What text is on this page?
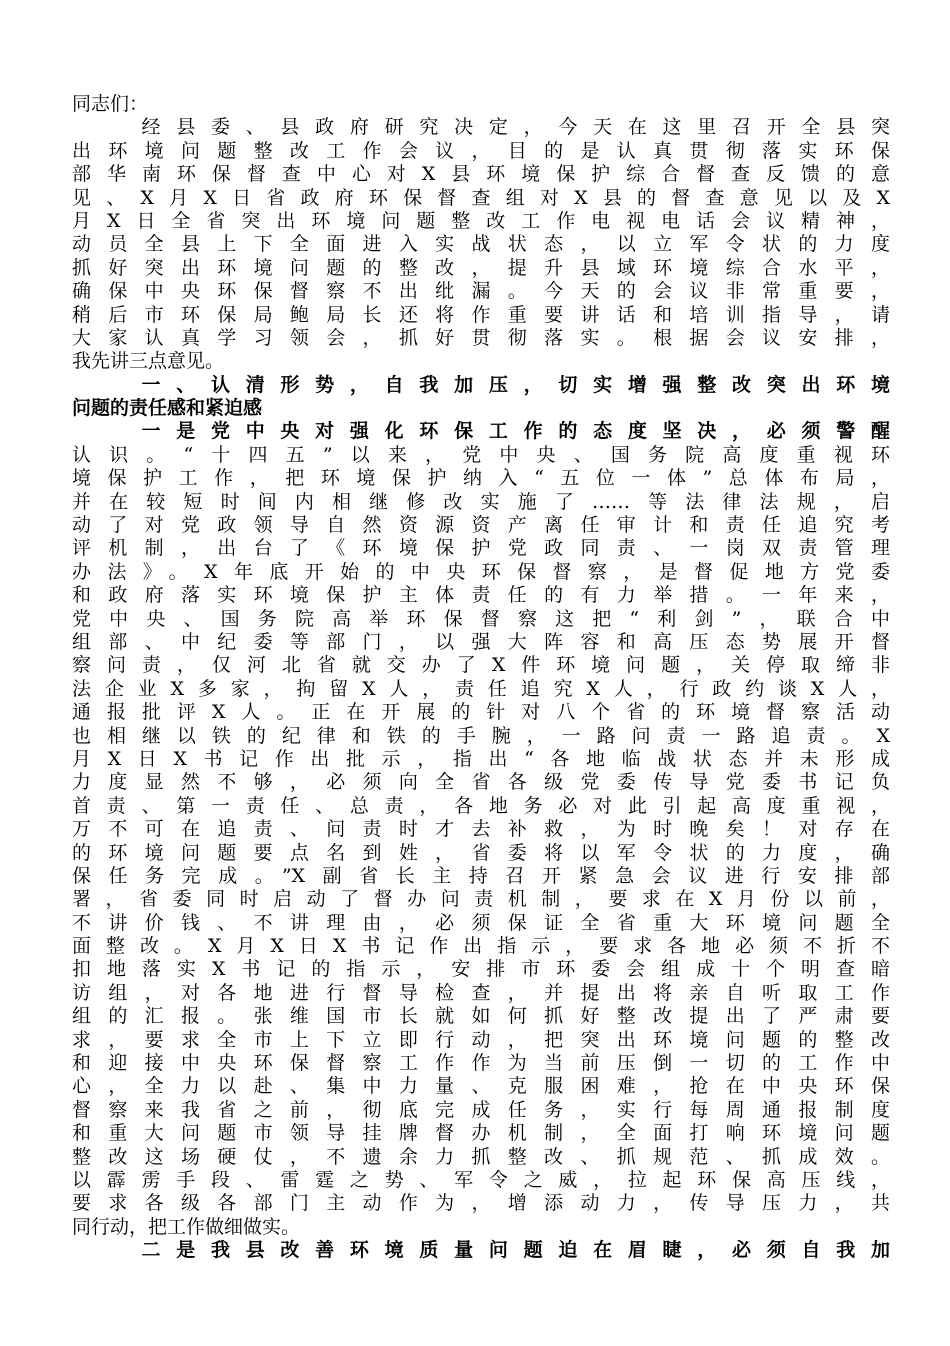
同志们：
　　经县委、县政府研究决定，今天在这里召开全县突
出环境问题整改工作会议，目的是认真贯彻落实环保
部华南环保督查中心对X县环境保护综合督查反馈的意
见、X月X日省政府环保督查组对X县的督查意见以及X
月X日全省突出环境问题整改工作电视电话会议精神，
动员全县上下全面进入实战状态，以立军令状的力度
抓好突出环境问题的整改，提升县域环境综合水平，
确保中央环保督察不出纰漏。今天的会议非常重要，
稍后市环保局鲍局长还将作重要讲话和培训指导，请
大家认真学习领会，抓好贯彻落实。根据会议安排，
我先讲三点意见。
　　一、认清形势，自我加压，切实增强整改突出环境
问题的责任感和紧迫感
　　一是党中央对强化环保工作的态度坚决，必须警醒
认识。“十四五”以来，党中央、国务院高度重视环
境保护工作，把环境保护纳入“五位一体”总体布局，
并在较短时间内相继修改实施了……等法律法规，启
动了对党政领导自然资源资产离任审计和责任追究考
评机制，出台了《环境保护党政同责、一岗双责管理
办法》。X年底开始的中央环保督察，是督促地方党委
和政府落实环境保护主体责任的有力举措。一年来，
党中央、国务院高举环保督察这把“利剑”，联合中
组部、中纪委等部门，以强大阵容和高压态势展开督
察问责，仅河北省就交办了X件环境问题，关停取缔非
法企业X多家，拘留X人，责任追究X人，行政约谈X人，
通报批评X人。正在开展的针对八个省的环境督察活动
也相继以铁的纪律和铁的手腕，一路问责一路追责。X
月X日X书记作出批示，指出“各地临战状态并未形成
力度显然不够，必须向全省各级党委传导党委书记负
首责、第一责任、总责，各地务必对此引起高度重视，
万不可在追责、问责时才去补救，为时晚矣！对存在
的环境问题要点名到姓，省委将以军令状的力度，确
保任务完成。”X副省长主持召开紧急会议进行安排部
署，省委同时启动了督办问责机制，要求在X月份以前，
不讲价钱、不讲理由，必须保证全省重大环境问题全
面整改。X月X日X书记作出指示，要求各地必须不折不
扣地落实X书记的指示，安排市环委会组成十个明查暗
访组，对各地进行督导检查，并提出将亲自听取工作
组的汇报。张维国市长就如何抓好整改提出了严肃要
求，要求全市上下立即行动，把突出环境问题的整改
和迎接中央环保督察工作作为当前压倒一切的工作中
心，全力以赴、集中力量、克服困难，抢在中央环保
督察来我省之前，彻底完成任务，实行每周通报制度
和重大问题市领导挂牌督办机制，全面打响环境问题
整改这场硬仗，不遗余力抓整改、抓规范、抓成效。
以霹雳手段、雷霆之势、军令之威，拉起环保高压线，
要求各级各部门主动作为，增添动力，传导压力，共
同行动，把工作做细做实。
　　二是我县改善环境质量问题迫在眉睫，必须自我加
